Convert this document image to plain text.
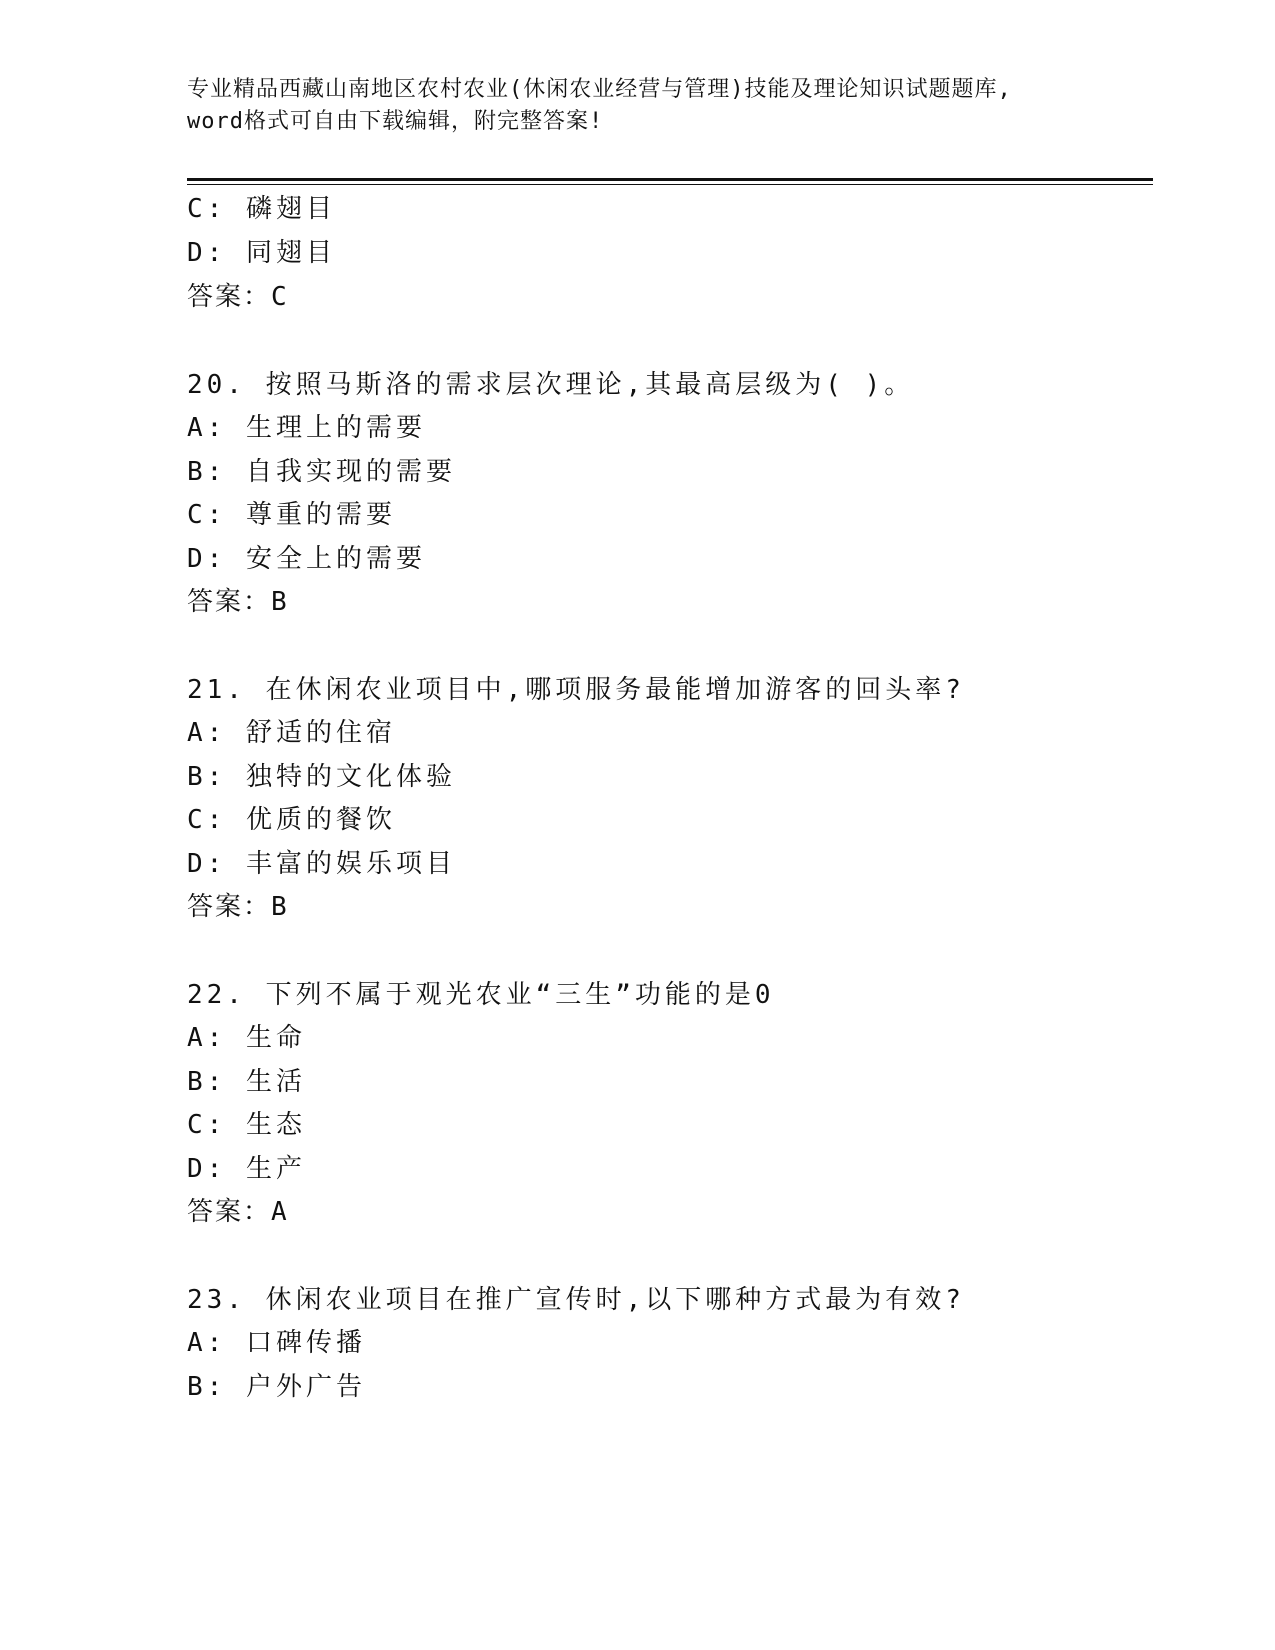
专业精品西藏山南地区农村农业(休闲农业经营与管理)技能及理论知识试题题库,
word格式可自由下载编辑，附完整答案!
C: 磷翅目
D: 同翅目
答案：C
20. 按照马斯洛的需求层次理论,其最高层级为( )。
A: 生理上的需要
B: 自我实现的需要
C: 尊重的需要
D: 安全上的需要
答案：B
21. 在休闲农业项目中,哪项服务最能增加游客的回头率?
A: 舒适的住宿
B: 独特的文化体验
C: 优质的餐饮
D: 丰富的娱乐项目
答案：B
22. 下列不属于观光农业“三生”功能的是0
A: 生命
B: 生活
C: 生态
D: 生产
答案：A
23. 休闲农业项目在推广宣传时,以下哪种方式最为有效?
A: 口碑传播
B: 户外广告
